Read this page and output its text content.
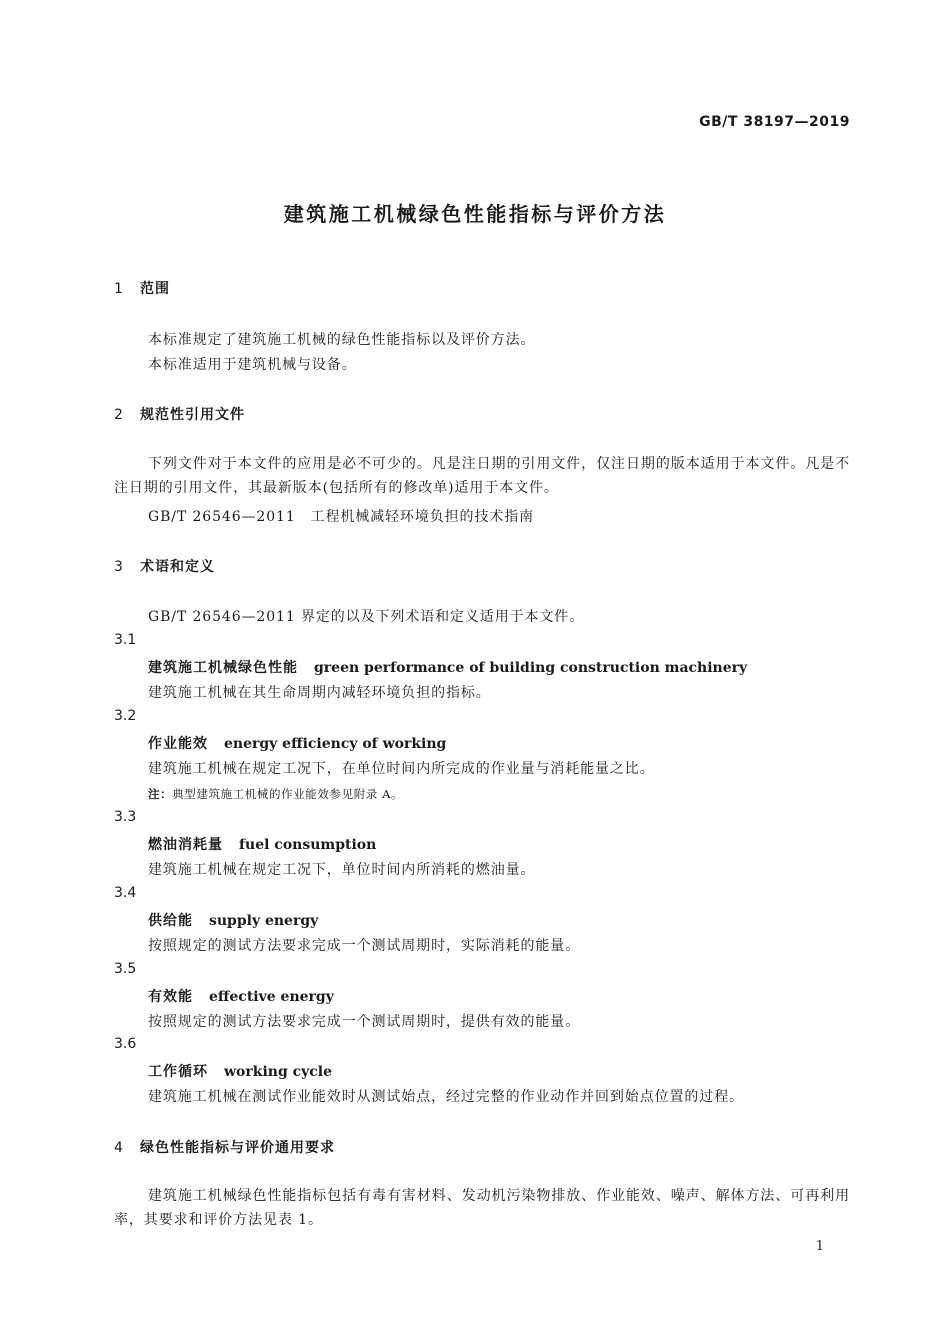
GB/T 38197—2019
建筑施工机械绿色性能指标与评价方法
1 范围
本标准规定了建筑施工机械的绿色性能指标以及评价方法。
本标准适用于建筑机械与设备。
2 规范性引用文件
下列文件对于本文件的应用是必不可少的。凡是注日期的引用文件，仅注日期的版本适用于本文件。凡是不注日期的引用文件，其最新版本(包括所有的修改单)适用于本文件。
GB/T 26546—2011　工程机械减轻环境负担的技术指南
3 术语和定义
GB/T 26546—2011 界定的以及下列术语和定义适用于本文件。
3.1
建筑施工机械绿色性能 green performance of building construction machinery
建筑施工机械在其生命周期内减轻环境负担的指标。
3.2
作业能效 energy efficiency of working
建筑施工机械在规定工况下，在单位时间内所完成的作业量与消耗能量之比。
注：典型建筑施工机械的作业能效参见附录 A。
3.3
燃油消耗量 fuel consumption
建筑施工机械在规定工况下，单位时间内所消耗的燃油量。
3.4
供给能 supply energy
按照规定的测试方法要求完成一个测试周期时，实际消耗的能量。
3.5
有效能 effective energy
按照规定的测试方法要求完成一个测试周期时，提供有效的能量。
3.6
工作循环 working cycle
建筑施工机械在测试作业能效时从测试始点，经过完整的作业动作并回到始点位置的过程。
4 绿色性能指标与评价通用要求
建筑施工机械绿色性能指标包括有毒有害材料、发动机污染物排放、作业能效、噪声、解体方法、可再利用率，其要求和评价方法见表 1。
1
